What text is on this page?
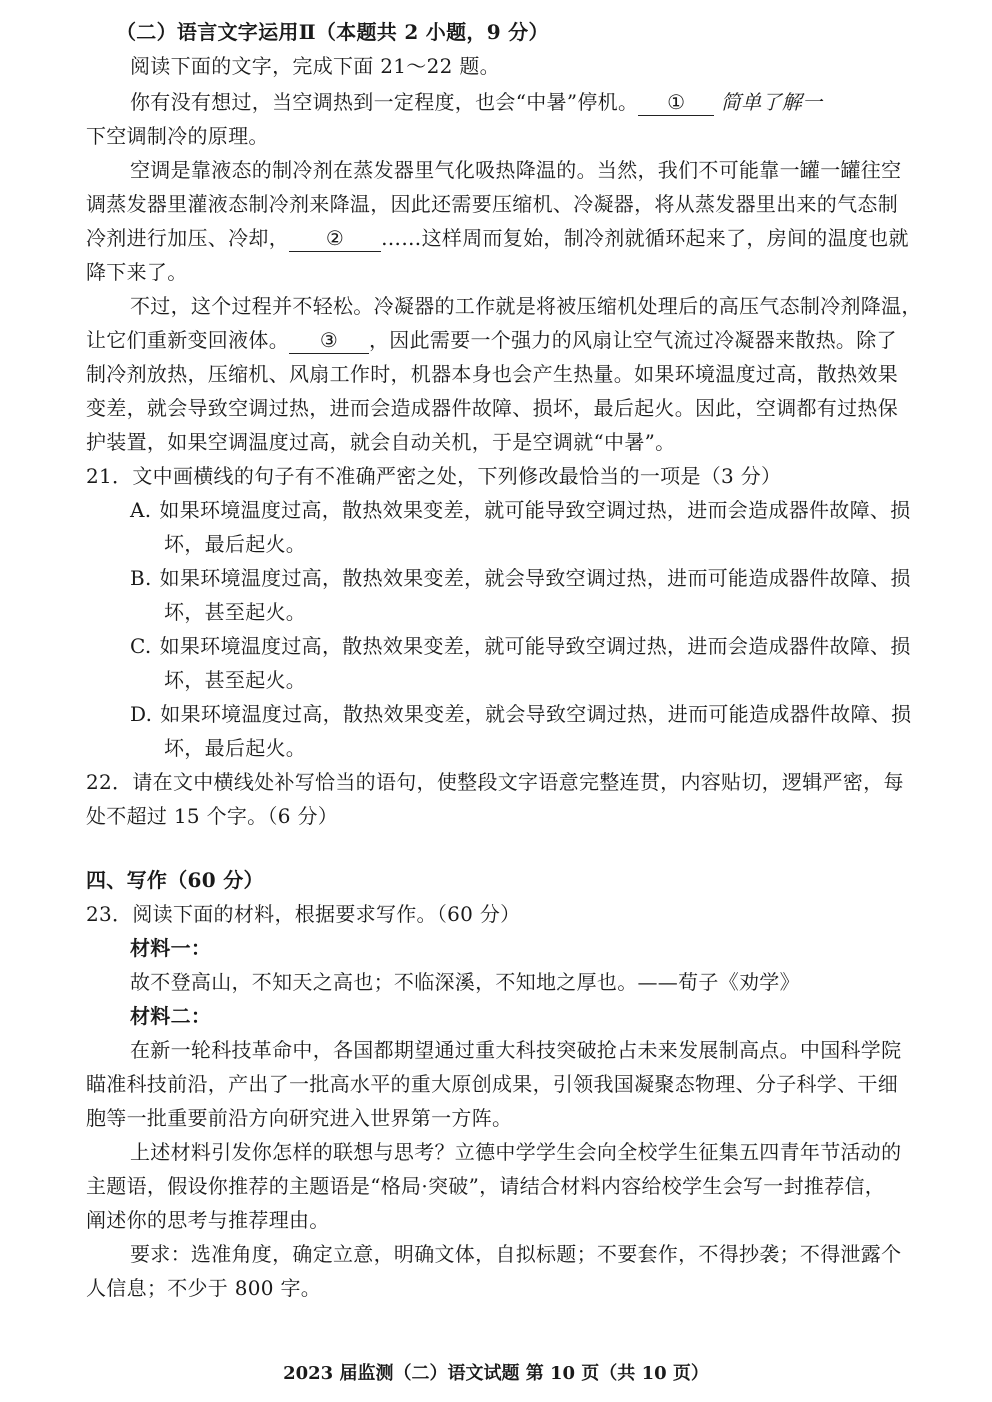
（二）语言文字运用Ⅱ（本题共 2 小题，9 分）
阅读下面的文字，完成下面 21～22 题。
你有没有想过，当空调热到一定程度，也会“中暑”停机。 ① 简单了解一
下空调制冷的原理。
空调是靠液态的制冷剂在蒸发器里气化吸热降温的。当然，我们不可能靠一罐一罐往空
调蒸发器里灌液态制冷剂来降温，因此还需要压缩机、冷凝器，将从蒸发器里出来的气态制
冷剂进行加压、冷却， ② ……这样周而复始，制冷剂就循环起来了，房间的温度也就
降下来了。
不过，这个过程并不轻松。冷凝器的工作就是将被压缩机处理后的高压气态制冷剂降温，
让它们重新变回液体。 ③ ，因此需要一个强力的风扇让空气流过冷凝器来散热。除了
制冷剂放热，压缩机、风扇工作时，机器本身也会产生热量。如果环境温度过高，散热效果
变差，就会导致空调过热，进而会造成器件故障、损坏，最后起火。因此，空调都有过热保
护装置，如果空调温度过高，就会自动关机，于是空调就“中暑”。
21．文中画横线的句子有不准确严密之处，下列修改最恰当的一项是（3 分）
A. 如果环境温度过高，散热效果变差，就可能导致空调过热，进而会造成器件故障、损
坏，最后起火。
B. 如果环境温度过高，散热效果变差，就会导致空调过热，进而可能造成器件故障、损
坏，甚至起火。
C. 如果环境温度过高，散热效果变差，就可能导致空调过热，进而会造成器件故障、损
坏，甚至起火。
D. 如果环境温度过高，散热效果变差，就会导致空调过热，进而可能造成器件故障、损
坏，最后起火。
22．请在文中横线处补写恰当的语句，使整段文字语意完整连贯，内容贴切，逻辑严密，每
处不超过 15 个字。（6 分）
四、写作（60 分）
23．阅读下面的材料，根据要求写作。（60 分）
材料一：
故不登高山，不知天之高也；不临深溪，不知地之厚也。——荀子《劝学》
材料二：
在新一轮科技革命中，各国都期望通过重大科技突破抢占未来发展制高点。中国科学院
瞄准科技前沿，产出了一批高水平的重大原创成果，引领我国凝聚态物理、分子科学、干细
胞等一批重要前沿方向研究进入世界第一方阵。
上述材料引发你怎样的联想与思考？立德中学学生会向全校学生征集五四青年节活动的
主题语，假设你推荐的主题语是“格局·突破”，请结合材料内容给校学生会写一封推荐信，
阐述你的思考与推荐理由。
要求：选准角度，确定立意，明确文体，自拟标题；不要套作，不得抄袭；不得泄露个
人信息；不少于 800 字。
2023 届监测（二）语文试题 第 10 页（共 10 页）
